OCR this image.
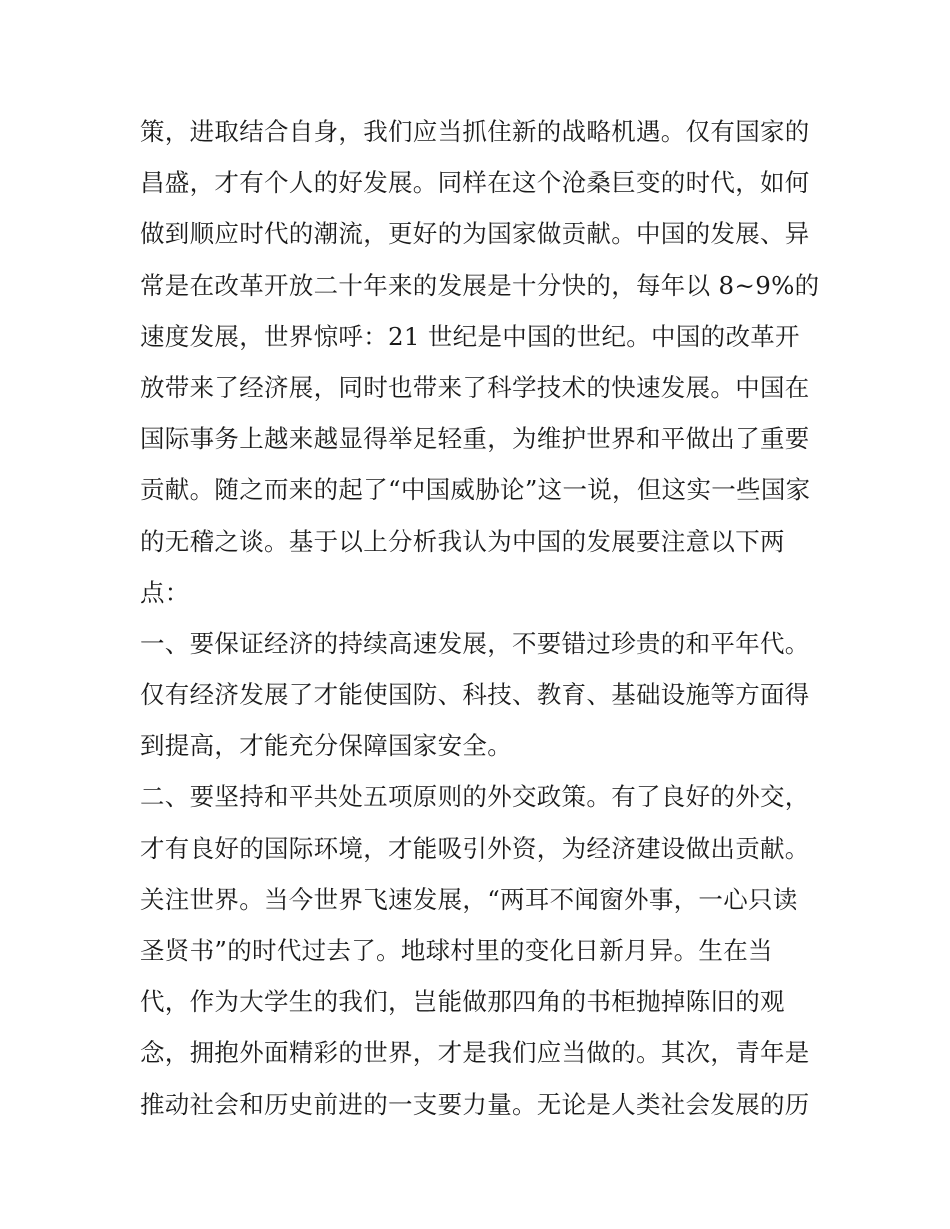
策，进取结合自身，我们应当抓住新的战略机遇。仅有国家的
昌盛，才有个人的好发展。同样在这个沧桑巨变的时代，如何
做到顺应时代的潮流，更好的为国家做贡献。中国的发展、异
常是在改革开放二十年来的发展是十分快的，每年以 8~9%的
速度发展，世界惊呼：21 世纪是中国的世纪。中国的改革开
放带来了经济展，同时也带来了科学技术的快速发展。中国在
国际事务上越来越显得举足轻重，为维护世界和平做出了重要
贡献。随之而来的起了“中国威胁论”这一说，但这实一些国家
的无稽之谈。基于以上分析我认为中国的发展要注意以下两
点：
一、要保证经济的持续高速发展，不要错过珍贵的和平年代。
仅有经济发展了才能使国防、科技、教育、基础设施等方面得
到提高，才能充分保障国家安全。
二、要坚持和平共处五项原则的外交政策。有了良好的外交，
才有良好的国际环境，才能吸引外资，为经济建设做出贡献。
关注世界。当今世界飞速发展，“两耳不闻窗外事，一心只读
圣贤书”的时代过去了。地球村里的变化日新月异。生在当
代，作为大学生的我们，岂能做那四角的书柜抛掉陈旧的观
念，拥抱外面精彩的世界，才是我们应当做的。其次，青年是
推动社会和历史前进的一支要力量。无论是人类社会发展的历
